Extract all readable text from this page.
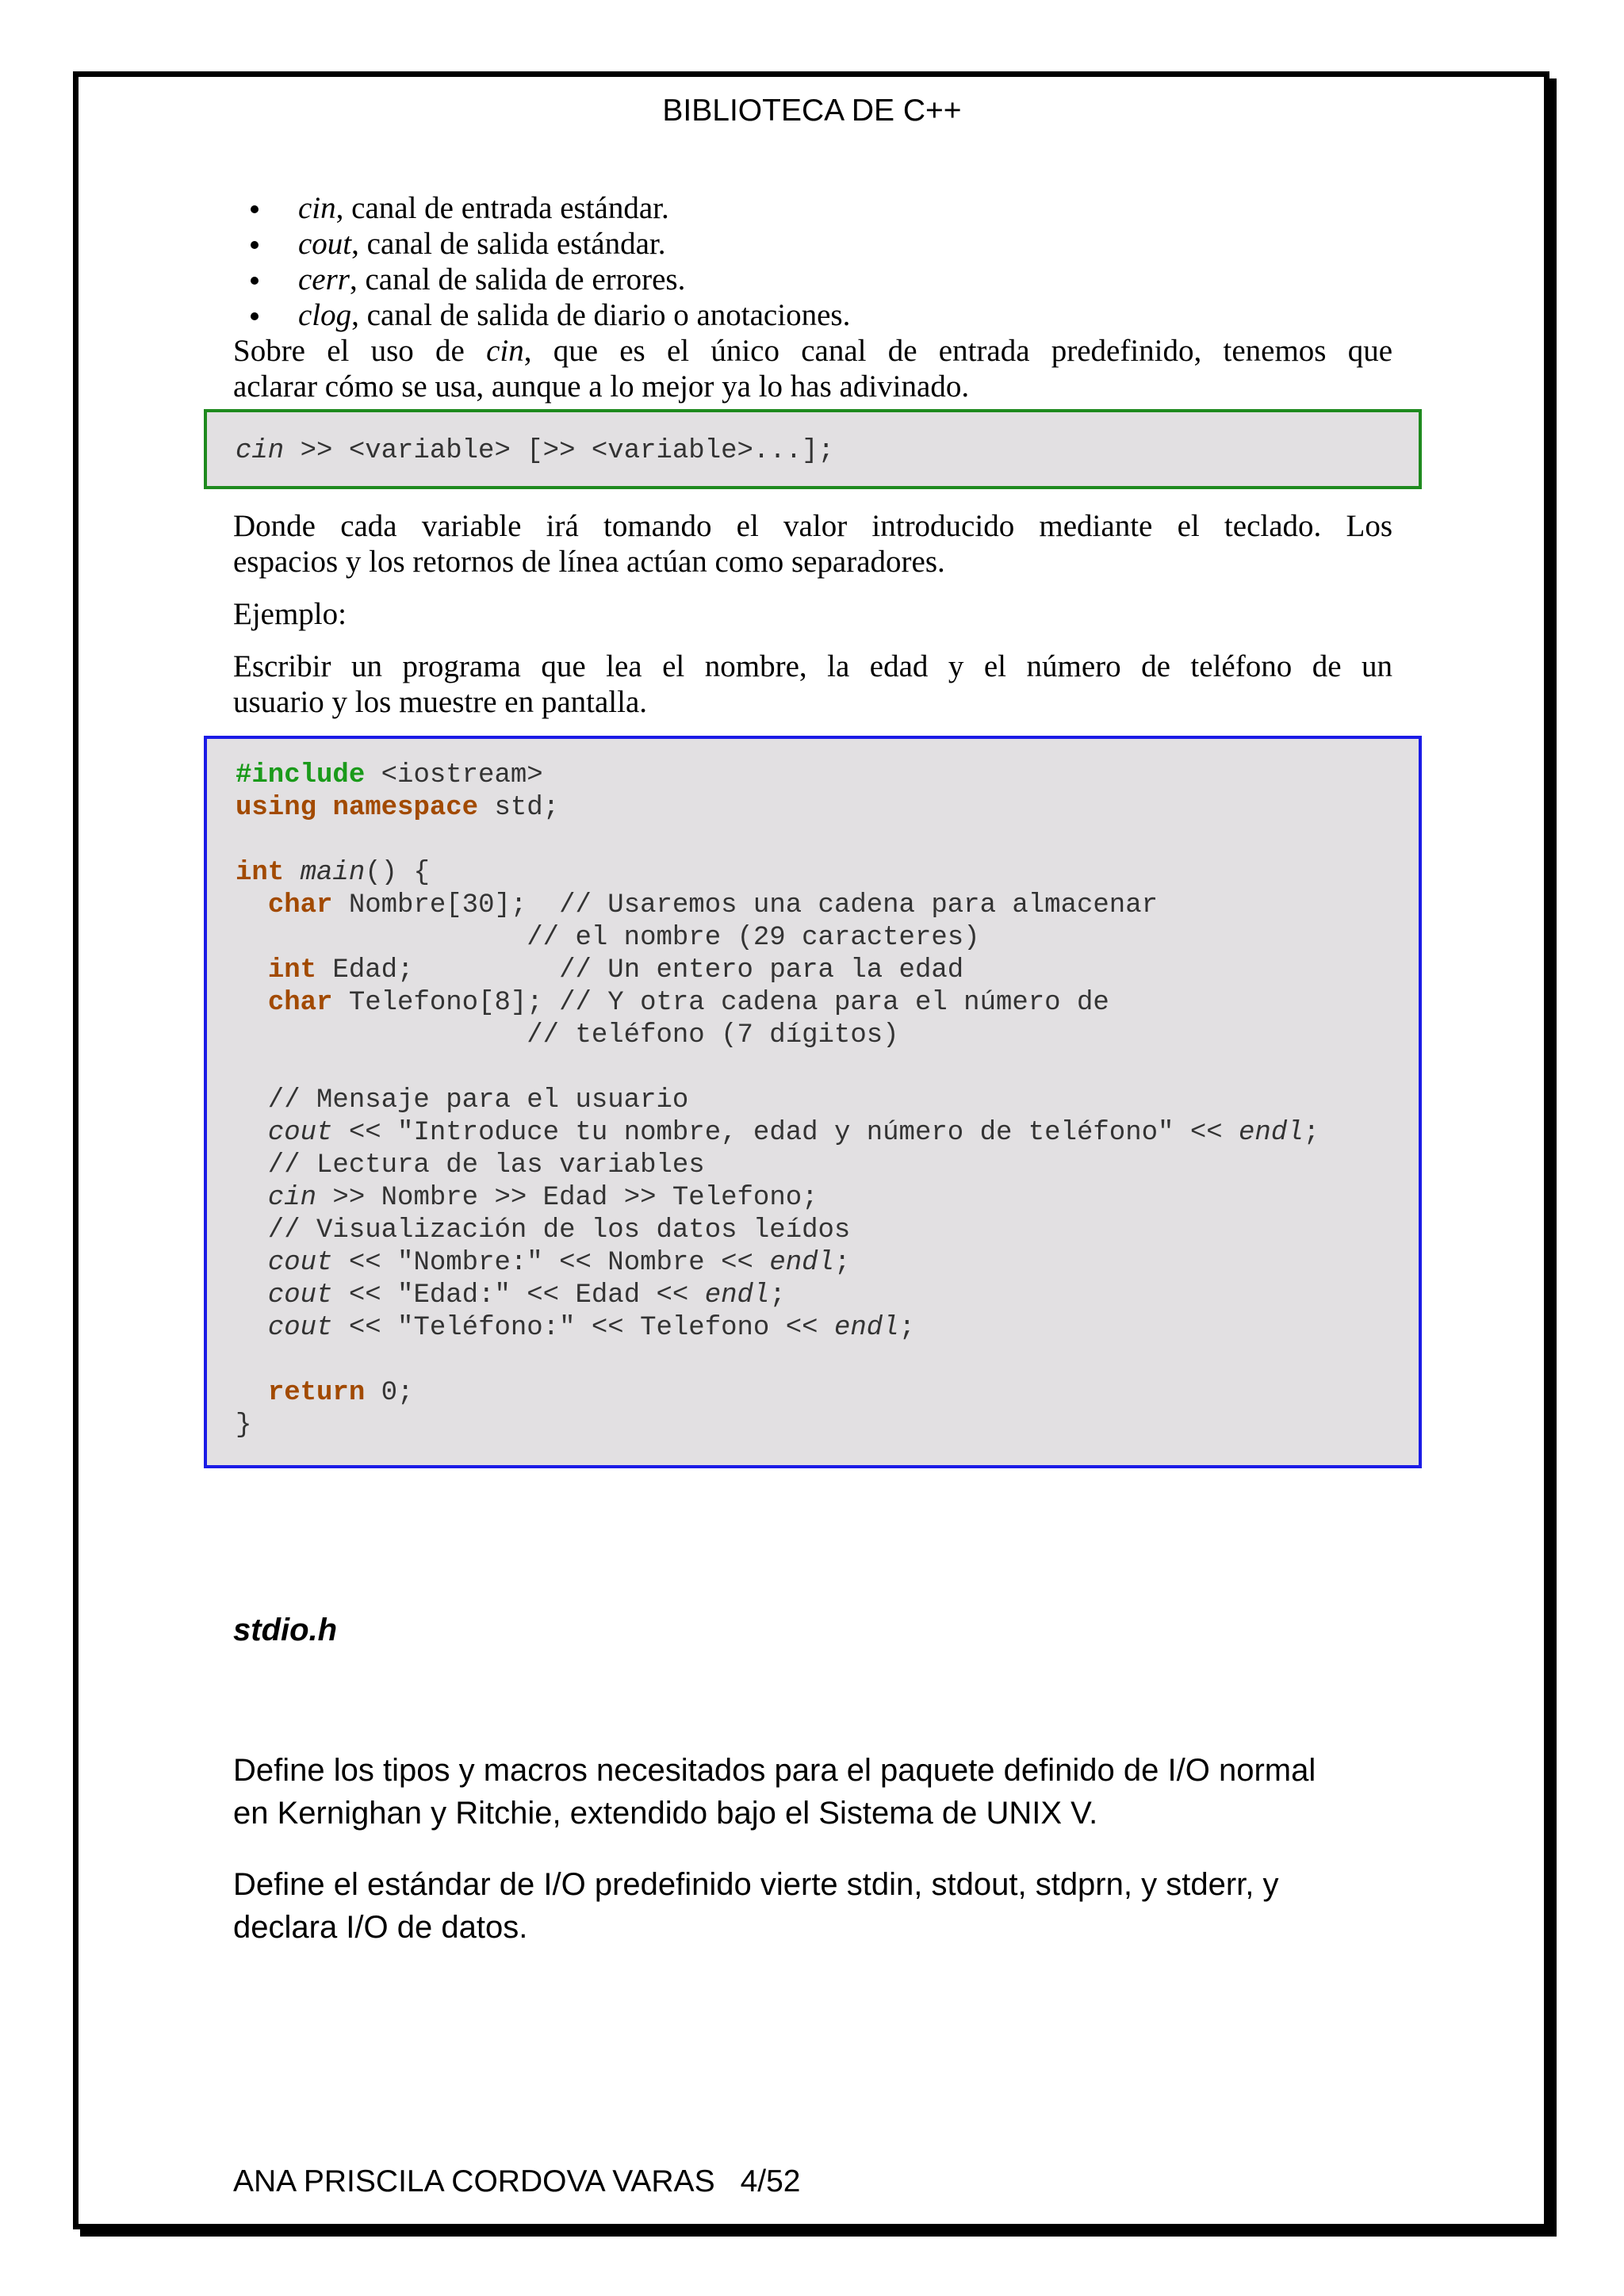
BIBLIOTECA DE C++
cin, canal de entrada estándar.
cout, canal de salida estándar.
cerr, canal de salida de errores.
clog, canal de salida de diario o anotaciones.
Sobre el uso de cin, que es el único canal de entrada predefinido, tenemos que
aclarar cómo se usa, aunque a lo mejor ya lo has adivinado.
cin >> <variable> [>> <variable>...];
Donde cada variable irá tomando el valor introducido mediante el teclado. Los
espacios y los retornos de línea actúan como separadores.
Ejemplo:
Escribir un programa que lea el nombre, la edad y el número de teléfono de un
usuario y los muestre en pantalla.
#include <iostream>
using namespace std;
int main() {
char Nombre[30];  // Usaremos una cadena para almacenar
// el nombre (29 caracteres)
int Edad;         // Un entero para la edad
char Telefono[8]; // Y otra cadena para el número de
// teléfono (7 dígitos)
// Mensaje para el usuario
cout << "Introduce tu nombre, edad y número de teléfono" << endl;
// Lectura de las variables
cin >> Nombre >> Edad >> Telefono;
// Visualización de los datos leídos
cout << "Nombre:" << Nombre << endl;
cout << "Edad:" << Edad << endl;
cout << "Teléfono:" << Telefono << endl;
return 0;
}
stdio.h
Define los tipos y macros necesitados para el paquete definido de I/O normal
en Kernighan y Ritchie, extendido bajo el Sistema de UNIX V.
Define el estándar de I/O predefinido vierte stdin, stdout, stdprn, y stderr, y
declara I/O de datos.
ANA PRISCILA CORDOVA VARAS 4/52
